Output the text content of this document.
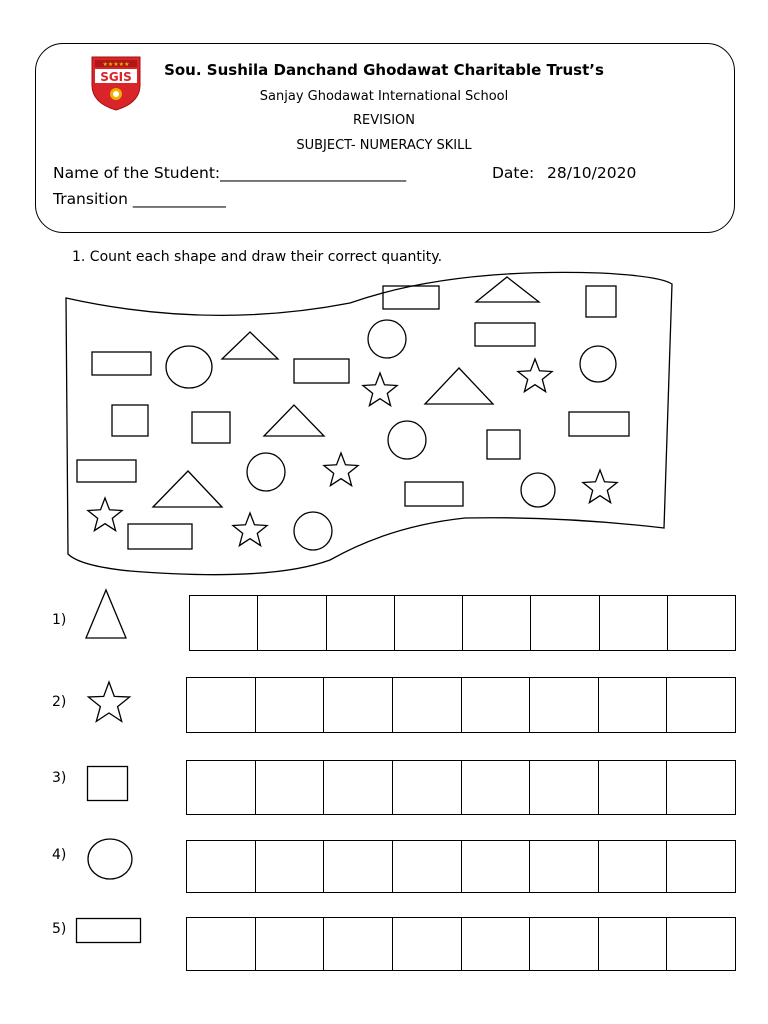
★★★★★
SGIS	Sou. Sushila Danchand Ghodawat Charitable Trust’s
Sanjay Ghodawat International School
REVISION
SUBJECT- NUMERACY SKILL
Name of the Student:________________________	Date: 28/10/2020
Transition ____________
1. Count each shape and draw their correct quantity.
1)
2)
3)
4)
5)
